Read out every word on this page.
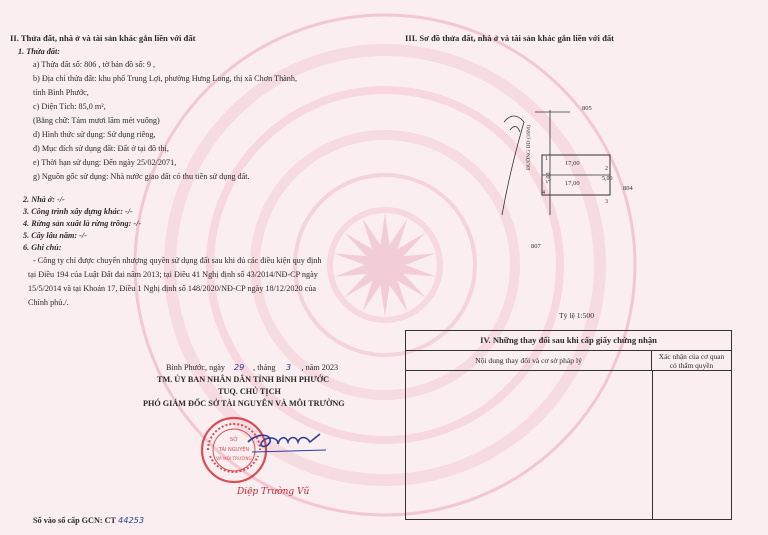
II. Thửa đất, nhà ở và tài sản khác gắn liền với đất
1. Thửa đất:
a) Thửa đất số: 806 , tờ bản đồ số: 9 ,
b) Địa chỉ thửa đất: khu phố Trung Lợi, phường Hưng Long, thị xã Chơn Thành,
tỉnh Bình Phước,
c) Diện Tích: 85,0 m²,
(Bằng chữ: Tám mươi lăm mét vuông)
d) Hình thức sử dụng: Sử dụng riêng,
đ) Mục đích sử dụng đất: Đất ở tại đô thị,
e) Thời hạn sử dụng: Đến ngày 25/02/2071,
g) Nguồn gốc sử dụng: Nhà nước giao đất có thu tiền sử dụng đất.
2. Nhà ở: -/-
3. Công trình xây dựng khác: -/-
4. Rừng sản xuất là rừng trồng: -/-
5. Cây lâu năm: -/-
6. Ghi chú:
- Công ty chỉ được chuyển nhượng quyền sử dụng đất sau khi đủ các điều kiện quy định
tại Điều 194 của Luật Đất đai năm 2013; tại Điều 41 Nghị định số 43/2014/NĐ-CP ngày
15/5/2014 và tại Khoản 17, Điều 1 Nghị định số 148/2020/NĐ-CP ngày 18/12/2020 của
Chính phủ./.
Bình Phước, ngày 29 , tháng 3 , năm 2023
TM. ỦY BAN NHÂN DÂN TỈNH BÌNH PHƯỚC
TUQ. CHỦ TỊCH
PHÓ GIÁM ĐỐC SỞ TÀI NGUYÊN VÀ MÔI TRƯỜNG
SỞ
TÀI NGUYÊN
VÀ MÔI TRƯỜNG
Diệp Trường Vũ
Số vào sổ cấp GCN: CT 44253
III. Sơ đồ thửa đất, nhà ở và tài sản khác gắn liền với đất
805
ĐƯỜNG DD (16M)	17,00
17,00
5,00	5,00
1
2
3
4
804
807
Tỷ lệ 1:500
IV. Những thay đổi sau khi cấp giấy chứng nhận
Nội dung thay đổi và cơ sở pháp lý	Xác nhận của cơ quan
có thẩm quyền
